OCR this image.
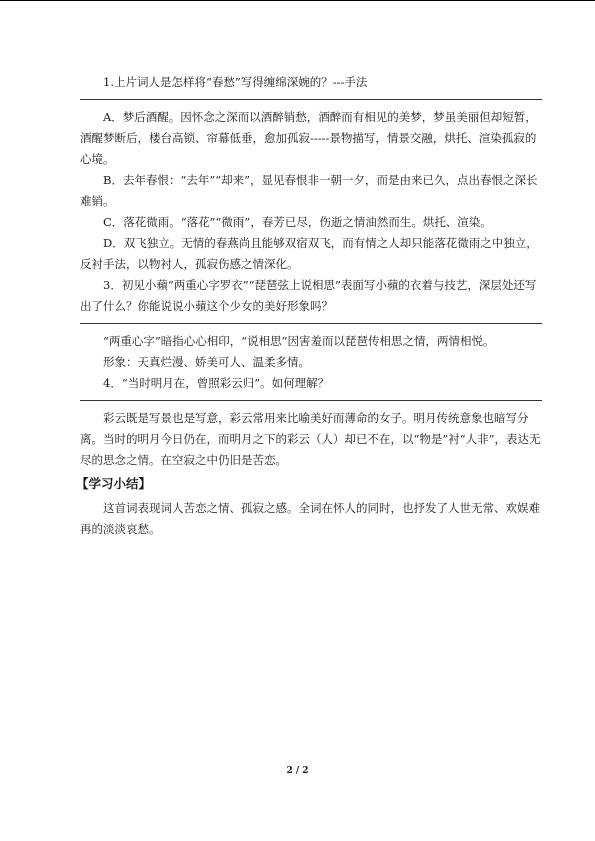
1.上片词人是怎样将“春愁”写得缠绵深婉的？---手法

A．梦后酒醒。因怀念之深而以酒醉销愁，酒醉而有相见的美梦，梦虽美丽但却短暂，酒醒梦断后，楼台高锁、帘幕低垂，愈加孤寂-----景物描写，情景交融，烘托、渲染孤寂的心境。

B．去年春恨：“去年”“却来”，显见春恨非一朝一夕，而是由来已久，点出春恨之深长难销。

C．落花微雨。“落花”“微雨”，春芳已尽，伤逝之情油然而生。烘托、渲染。

D．双飞独立。无情的春燕尚且能够双宿双飞，而有情之人却只能落花微雨之中独立，反衬手法，以物衬人，孤寂伤感之情深化。

3．初见小蘋“两重心字罗衣”“琵琶弦上说相思”表面写小蘋的衣着与技艺，深层处还写出了什么？你能说说小蘋这个少女的美好形象吗？

“两重心字”暗指心心相印，“说相思”因害羞而以琵琶传相思之情，两情相悦。

形象：天真烂漫、娇美可人、温柔多情。

4．“当时明月在，曾照彩云归”。如何理解？

彩云既是写景也是写意，彩云常用来比喻美好而薄命的女子。明月传统意象也暗写分离。当时的明月今日仍在，而明月之下的彩云（人）却已不在，以“物是”衬“人非”，表达无尽的思念之情。在空寂之中仍旧是苦恋。

【学习小结】

这首词表现词人苦恋之情、孤寂之感。全词在怀人的同时，也抒发了人世无常、欢娱难再的淡淡哀愁。

2 / 2
